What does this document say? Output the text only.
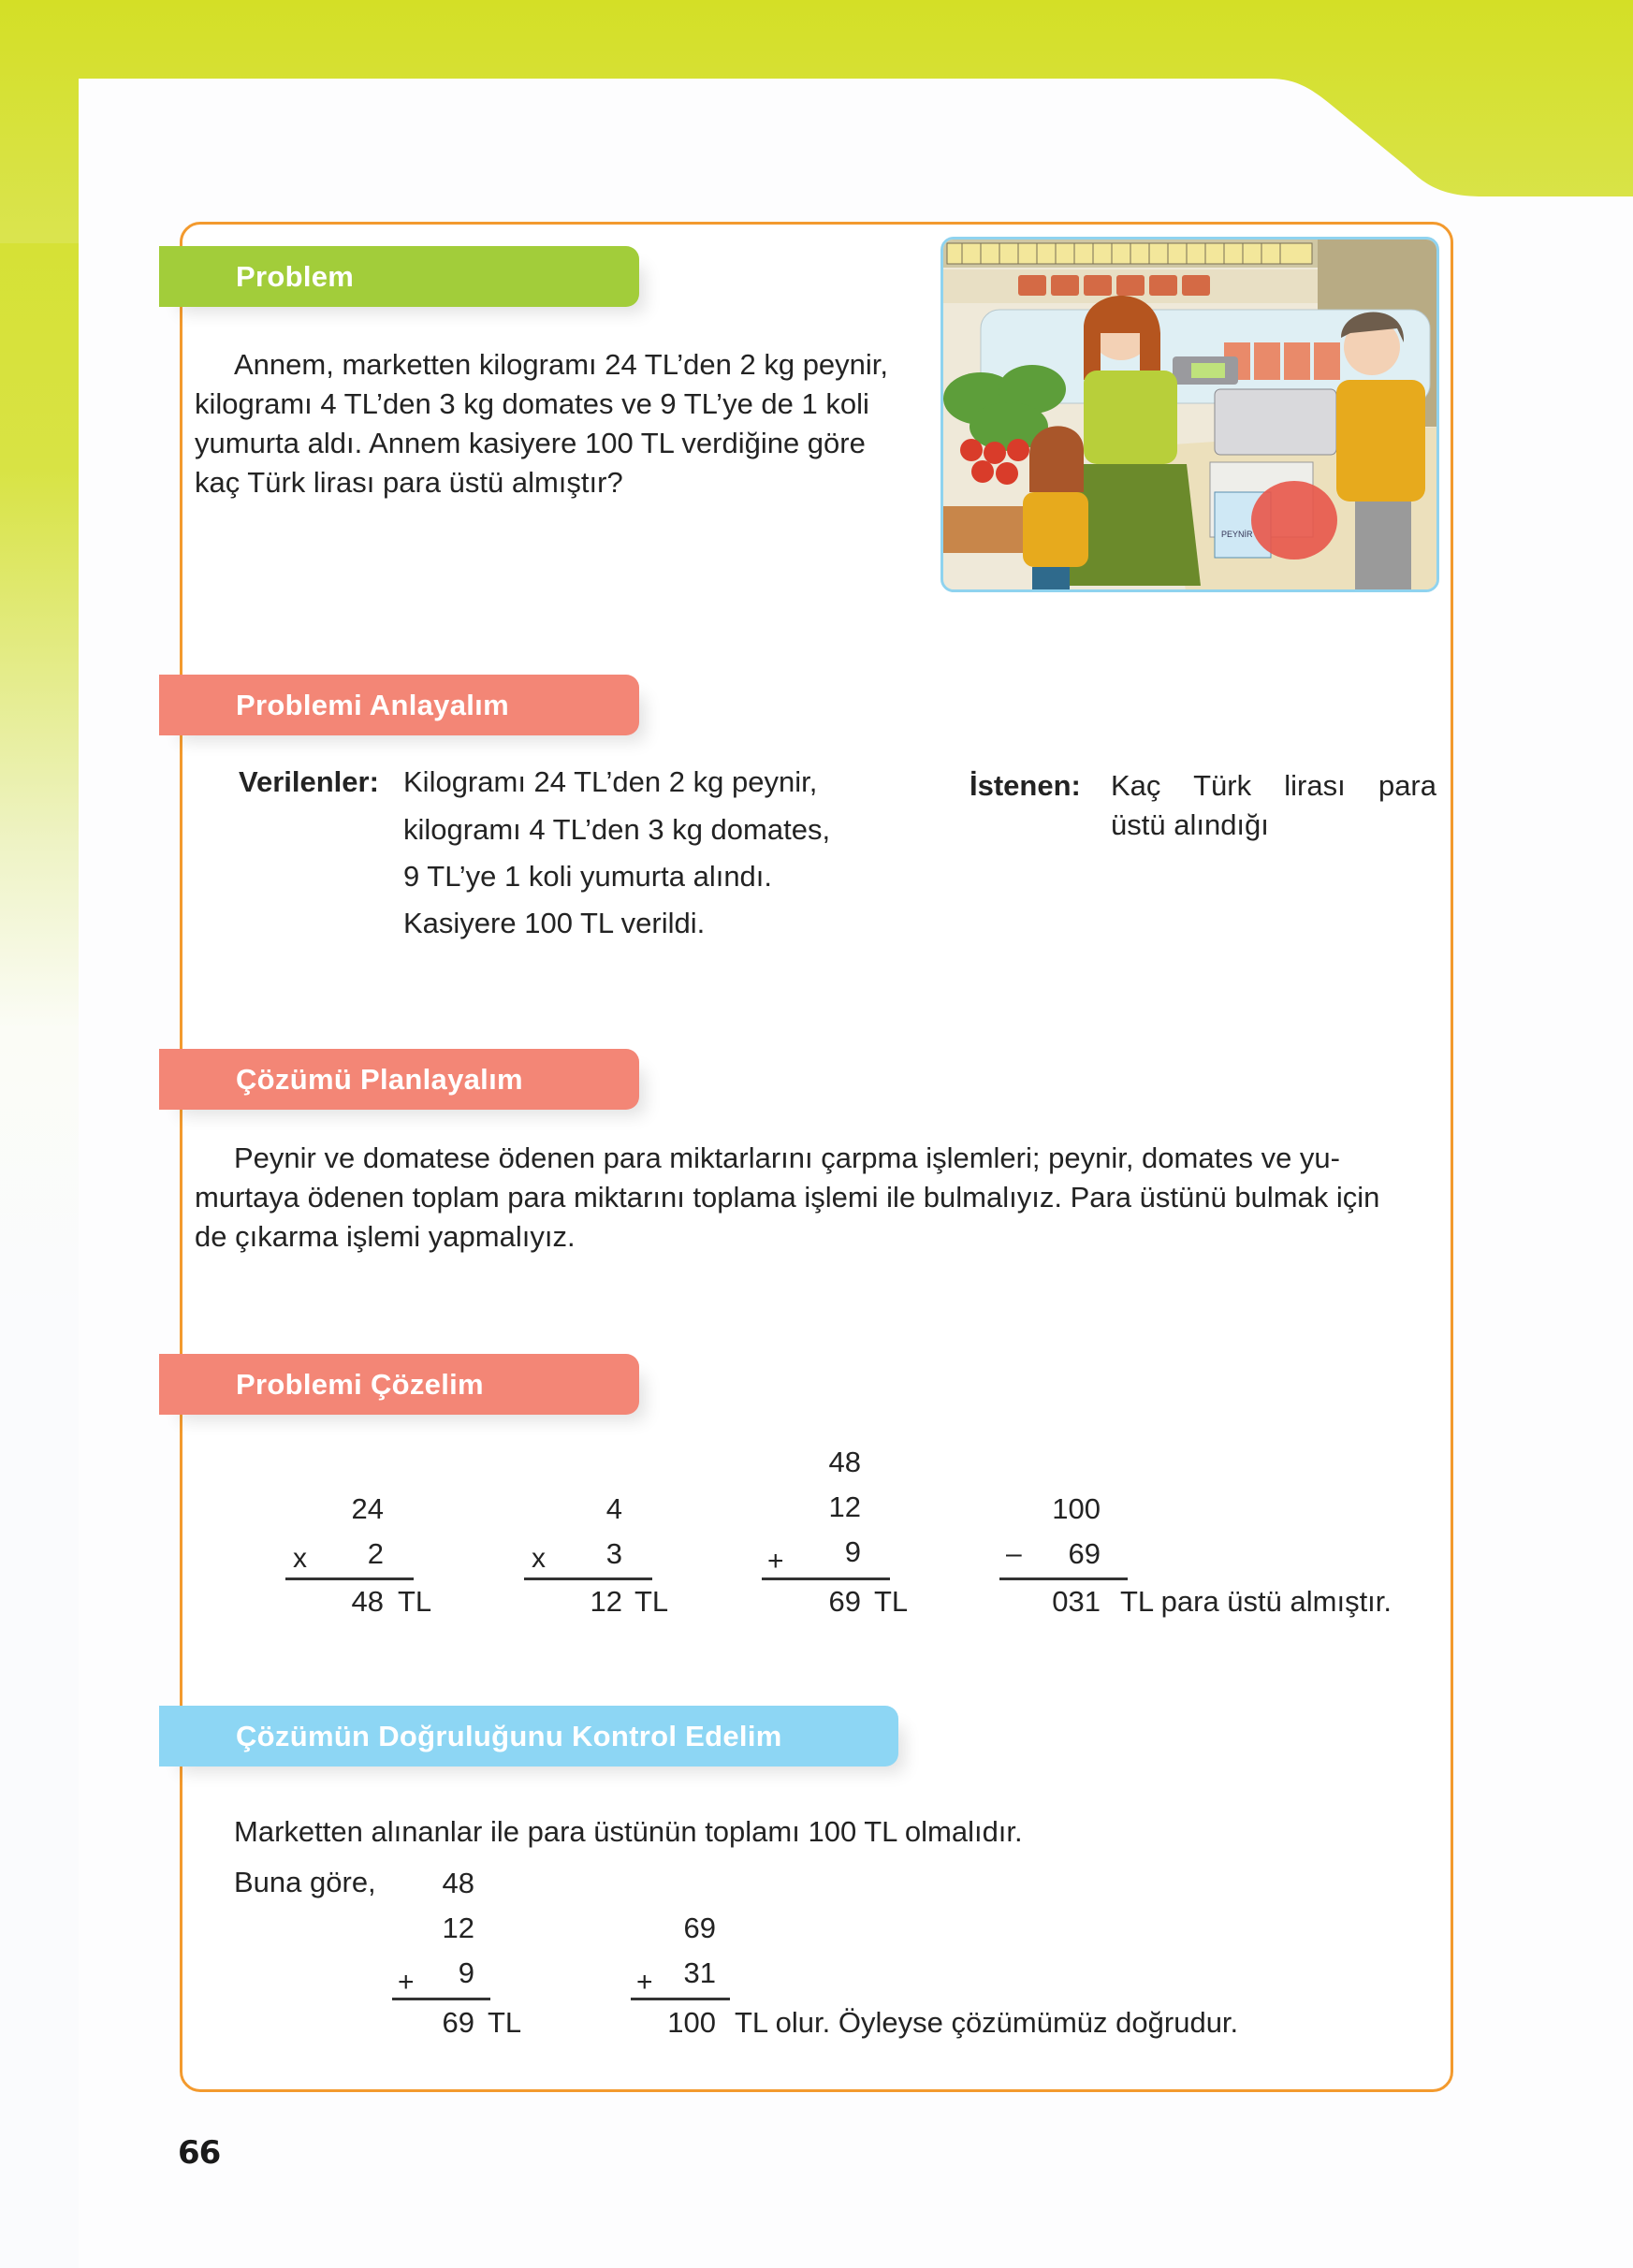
Problem
Annem, marketten kilogramı 24 TL’den 2 kg peynir,
kilogramı 4 TL’den 3 kg domates ve 9 TL’ye de 1 koli
yumurta aldı. Annem kasiyere 100 TL verdiğine göre
kaç Türk lirası para üstü almıştır?
PEYNİR
Problemi Anlayalım
Verilenler: Kilogramı 24 TL’den 2 kg peynir,
kilogramı 4 TL’den 3 kg domates,
9 TL’ye 1 koli yumurta alındı.
Kasiyere 100 TL verildi.
İstenen: Kaç  Türk  lirası  para
üstü alındığı
Çözümü Planlayalım
Peynir ve domatese ödenen para miktarlarını çarpma işlemleri; peynir, domates ve yu-
murtaya ödenen toplam para miktarını toplama işlemi ile bulmalıyız. Para üstünü bulmak için
de çıkarma işlemi yapmalıyız.
Problemi Çözelim
24
x	2
48 TL
4
x	3
12 TL
48
12
+	9
69 TL
100
–	69
031 TL para üstü almıştır.
Çözümün Doğruluğunu Kontrol Edelim
Marketten alınanlar ile para üstünün toplamı 100 TL olmalıdır.
Buna göre,	48
12
+	9
69 TL
69
+	31
100 TL olur. Öyleyse çözümümüz doğrudur.
66
